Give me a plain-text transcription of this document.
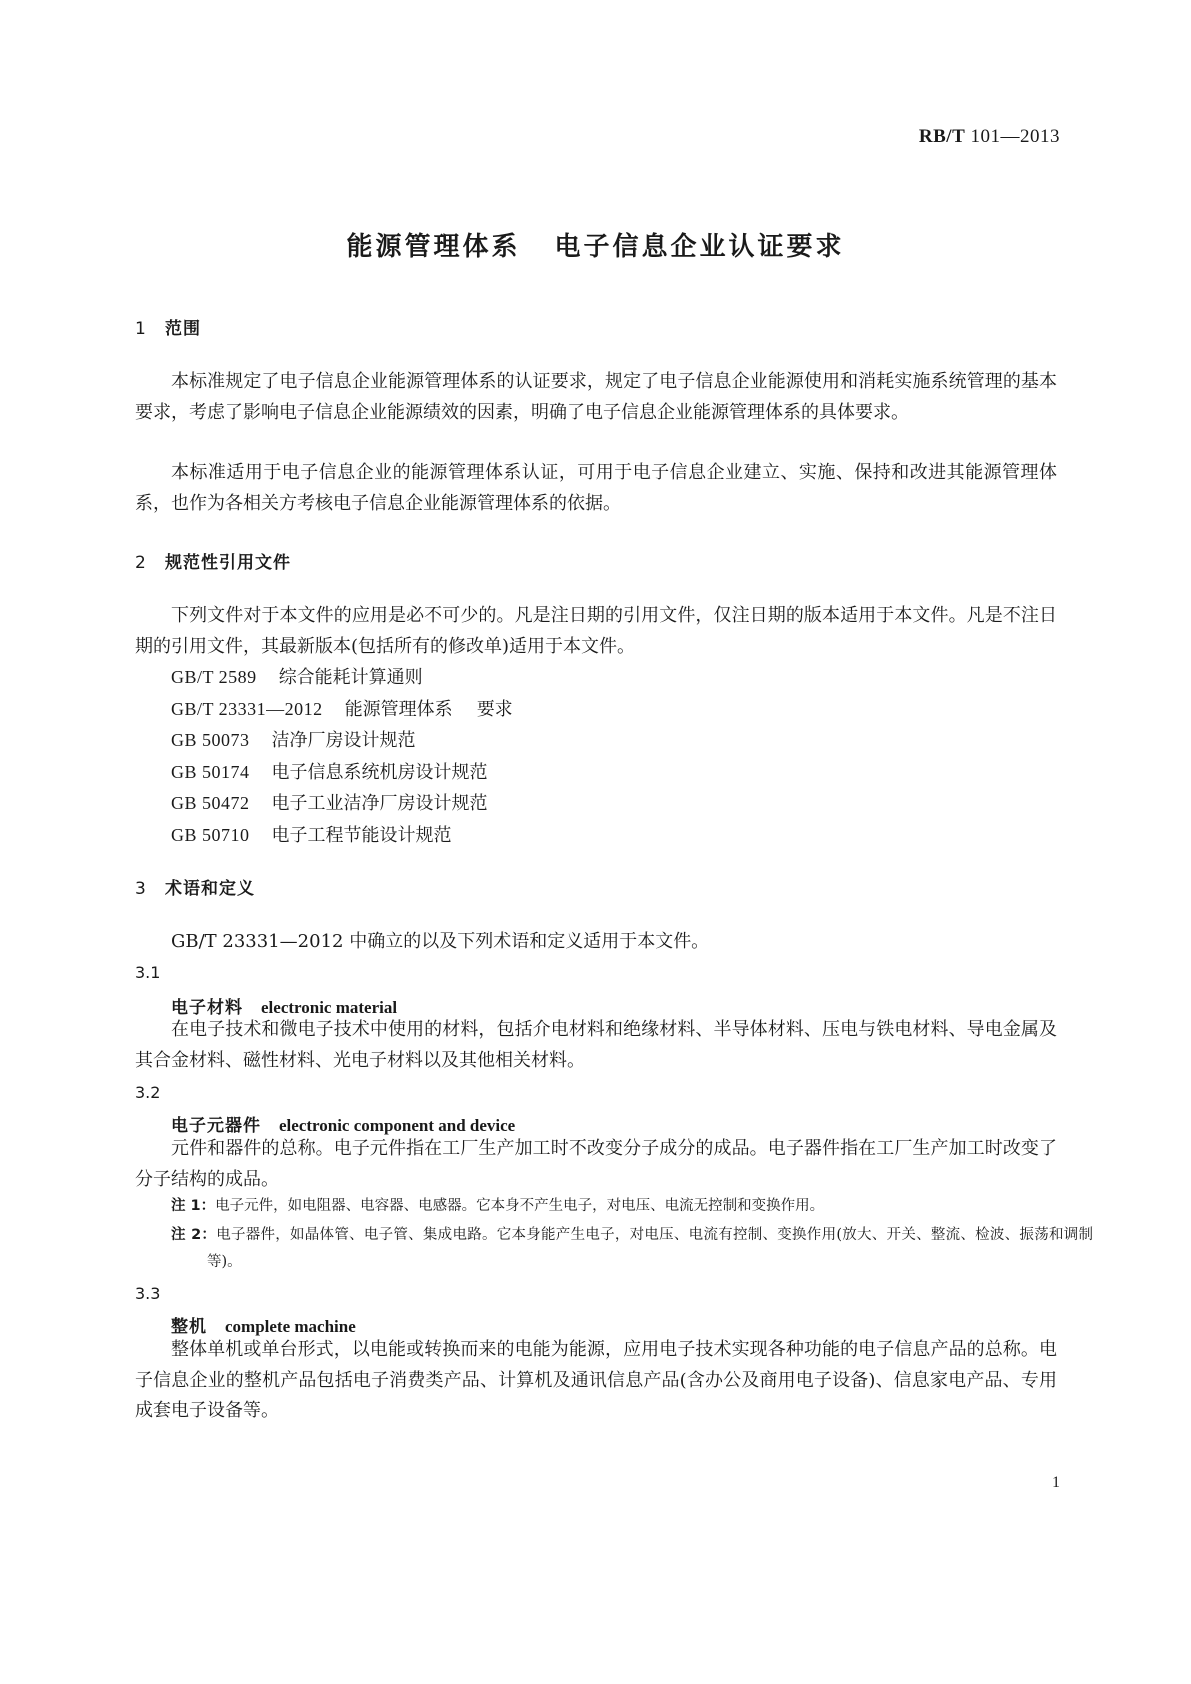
RB/T 101—2013
能源管理体系 电子信息企业认证要求
1 范围
本标准规定了电子信息企业能源管理体系的认证要求，规定了电子信息企业能源使用和消耗实施系统管理的基本要求，考虑了影响电子信息企业能源绩效的因素，明确了电子信息企业能源管理体系的具体要求。
本标准适用于电子信息企业的能源管理体系认证，可用于电子信息企业建立、实施、保持和改进其能源管理体系，也作为各相关方考核电子信息企业能源管理体系的依据。
2 规范性引用文件
下列文件对于本文件的应用是必不可少的。凡是注日期的引用文件，仅注日期的版本适用于本文件。凡是不注日期的引用文件，其最新版本(包括所有的修改单)适用于本文件。
GB/T 2589 综合能耗计算通则
GB/T 23331—2012 能源管理体系 要求
GB 50073 洁净厂房设计规范
GB 50174 电子信息系统机房设计规范
GB 50472 电子工业洁净厂房设计规范
GB 50710 电子工程节能设计规范
3 术语和定义
GB/T 23331—2012 中确立的以及下列术语和定义适用于本文件。
3.1
电子材料 electronic material
在电子技术和微电子技术中使用的材料，包括介电材料和绝缘材料、半导体材料、压电与铁电材料、导电金属及其合金材料、磁性材料、光电子材料以及其他相关材料。
3.2
电子元器件 electronic component and device
元件和器件的总称。电子元件指在工厂生产加工时不改变分子成分的成品。电子器件指在工厂生产加工时改变了分子结构的成品。
注 1：电子元件，如电阻器、电容器、电感器。它本身不产生电子，对电压、电流无控制和变换作用。
注 2：电子器件，如晶体管、电子管、集成电路。它本身能产生电子，对电压、电流有控制、变换作用(放大、开关、整流、检波、振荡和调制等)。
3.3
整机 complete machine
整体单机或单台形式，以电能或转换而来的电能为能源，应用电子技术实现各种功能的电子信息产品的总称。电子信息企业的整机产品包括电子消费类产品、计算机及通讯信息产品(含办公及商用电子设备)、信息家电产品、专用成套电子设备等。
1
